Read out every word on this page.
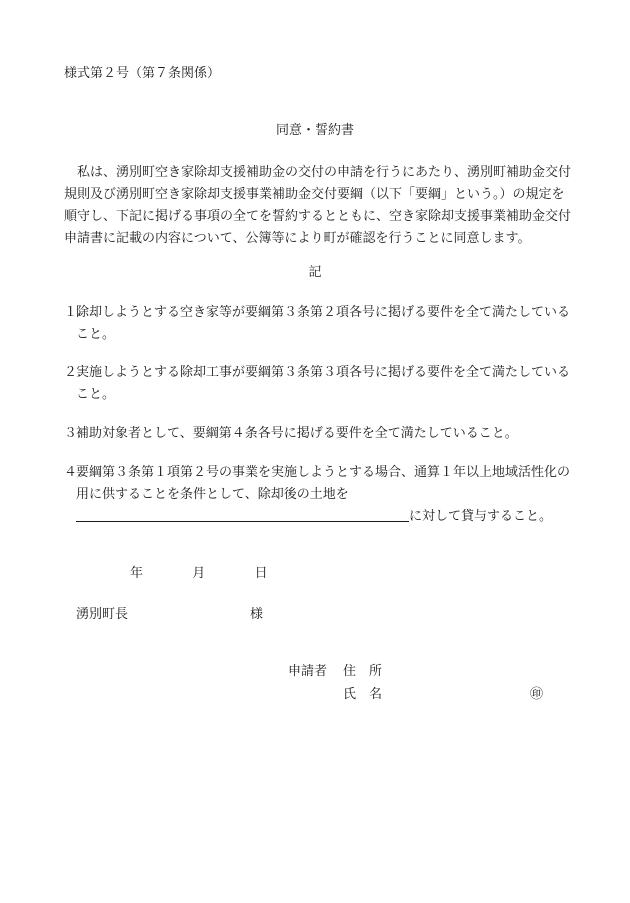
様式第２号（第７条関係）
同意・誓約書
私は、湧別町空き家除却支援補助金の交付の申請を行うにあたり、湧別町補助金交付規則及び湧別町空き家除却支援事業補助金交付要綱（以下「要綱」という。）の規定を順守し、下記に掲げる事項の全てを誓約するとともに、空き家除却支援事業補助金交付申請書に記載の内容について、公簿等により町が確認を行うことに同意します。
記
１.
除却しようとする空き家等が要綱第３条第２項各号に掲げる要件を全て満たしていること。
２.
実施しようとする除却工事が要綱第３条第３項各号に掲げる要件を全て満たしていること。
３.
補助対象者として、要綱第４条各号に掲げる要件を全て満たしていること。
４.
要綱第３条第１項第２号の事業を実施しようとする場合、通算１年以上地域活性化の用に供することを条件として、除却後の土地を
に対して貸与すること。
年	月	日
湧別町長	様
申請者 住　所
氏　名	㊞
